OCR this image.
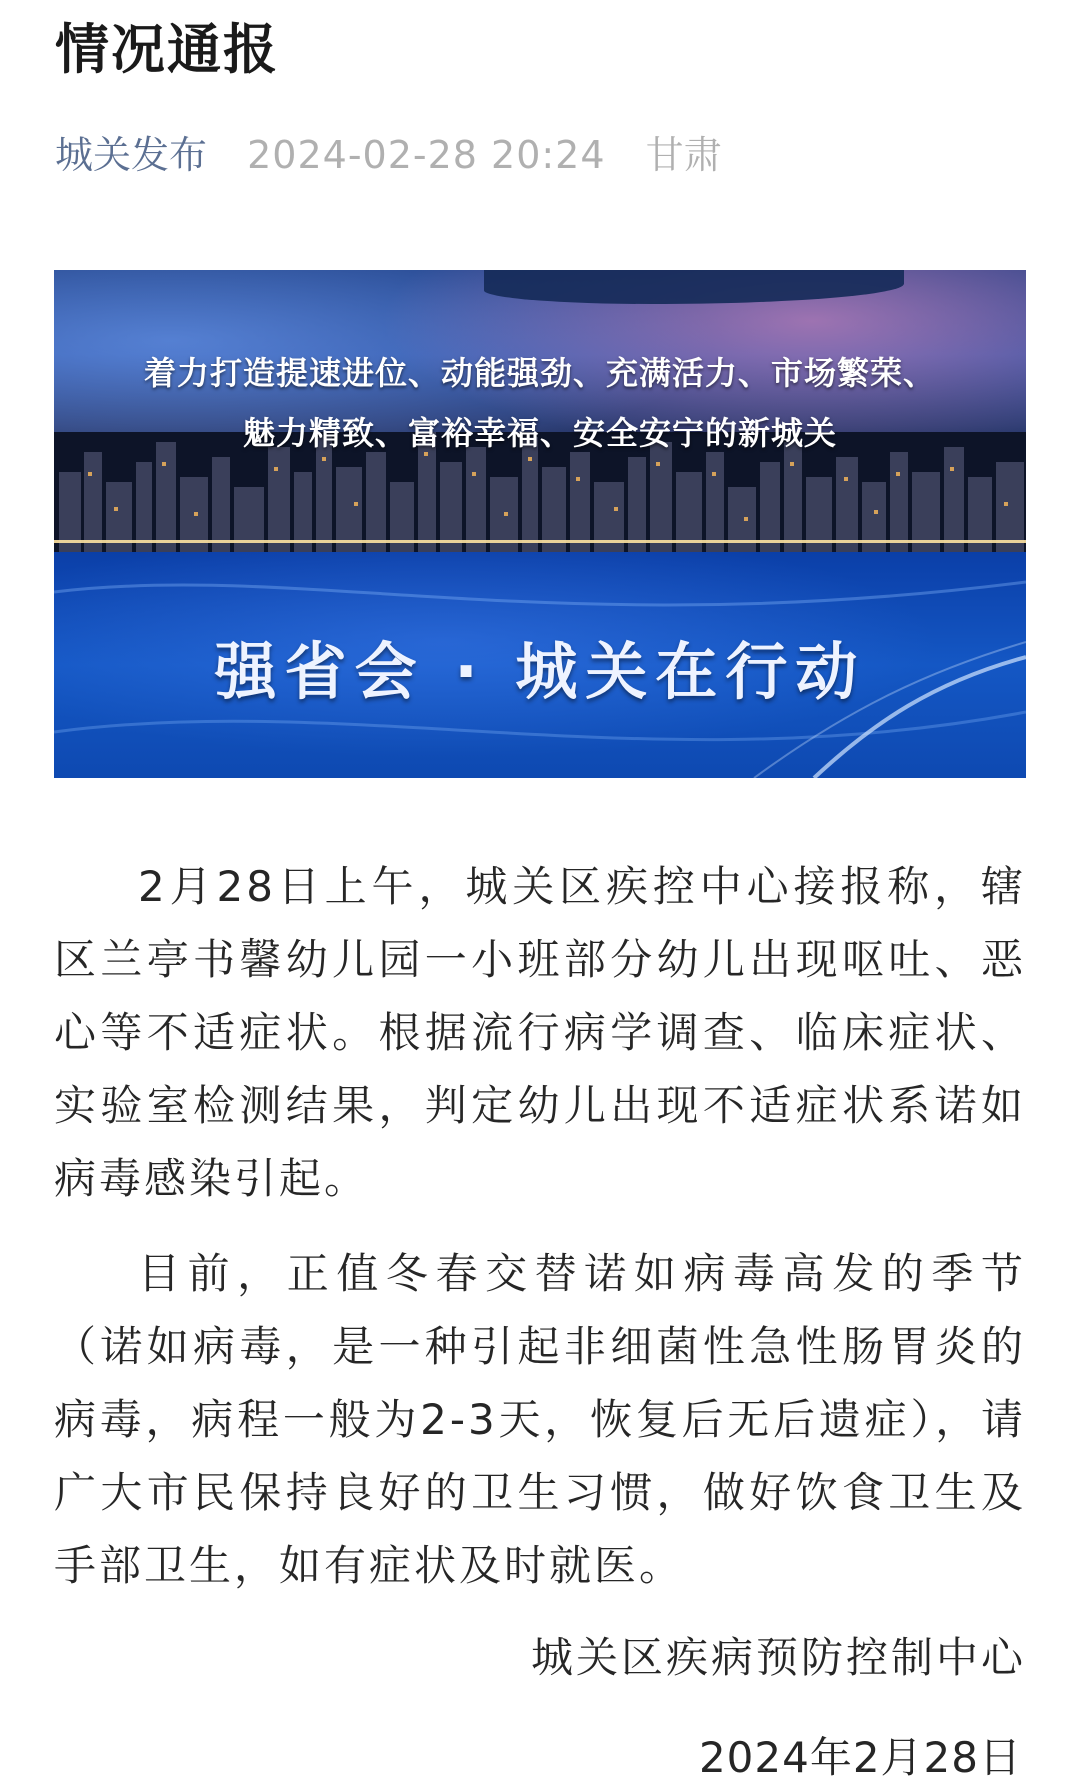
情况通报
城关发布 2024-02-28 20:24 甘肃
着力打造提速进位、动能强劲、充满活力、市场繁荣、
魅力精致、富裕幸福、安全安宁的新城关
强省会 · 城关在行动

2月28日上午，城关区疾控中心接报称，辖区兰亭书馨幼儿园一小班部分幼儿出现呕吐、恶心等不适症状。根据流行病学调查、临床症状、实验室检测结果，判定幼儿出现不适症状系诺如病毒感染引起。

目前，正值冬春交替诺如病毒高发的季节（诺如病毒，是一种引起非细菌性急性肠胃炎的病毒，病程一般为2-3天，恢复后无后遗症），请广大市民保持良好的卫生习惯，做好饮食卫生及手部卫生，如有症状及时就医。

城关区疾病预防控制中心
2024年2月28日
